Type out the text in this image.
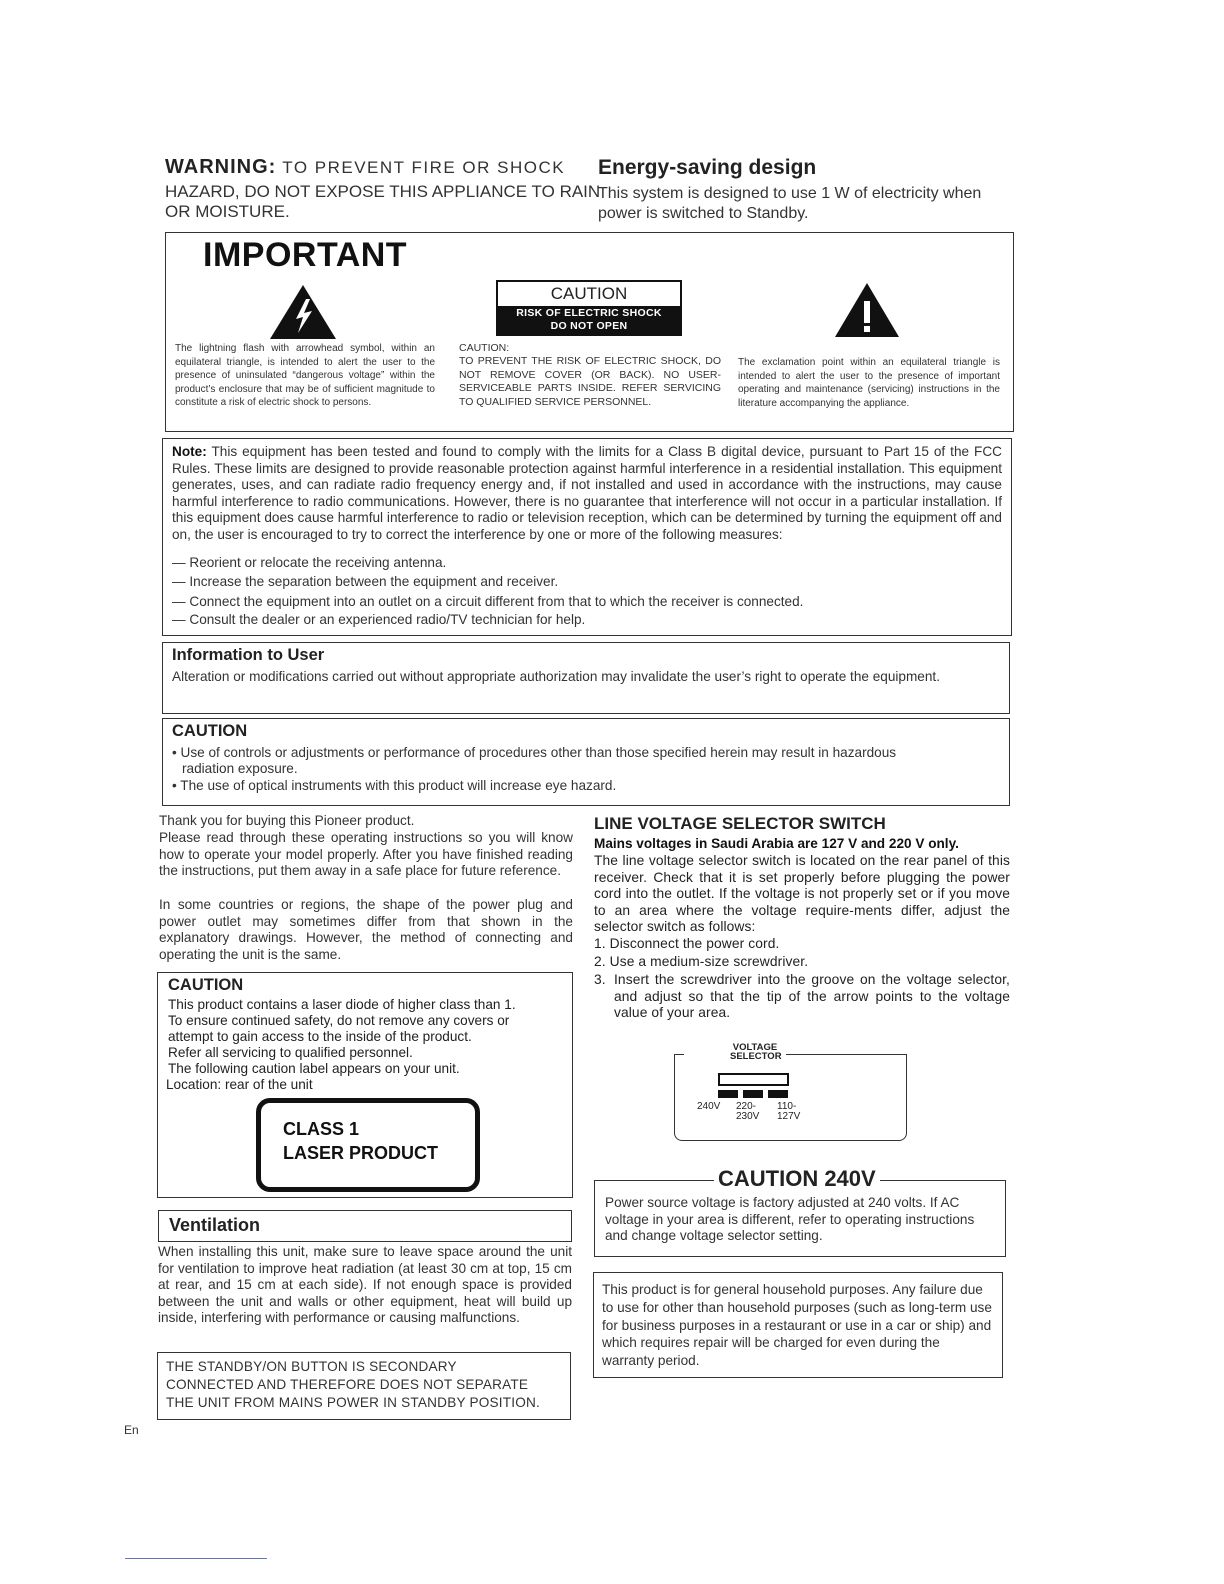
WARNING: TO PREVENT FIRE OR SHOCK
HAZARD, DO NOT EXPOSE THIS APPLIANCE TO RAIN
OR MOISTURE.
Energy-saving design
This system is designed to use 1 W of electricity when
power is switched to Standby.
IMPORTANT
The lightning flash with arrowhead symbol, within an equilateral triangle, is intended to alert the user to the presence of uninsulated “dangerous voltage” within the product’s enclosure that may be of sufficient magnitude to constitute a risk of electric shock to persons.
CAUTION
RISK OF ELECTRIC SHOCK
DO NOT OPEN
CAUTION:
TO PREVENT THE RISK OF ELECTRIC SHOCK, DO NOT REMOVE COVER (OR BACK). NO USER-SERVICEABLE PARTS INSIDE. REFER SERVICING TO QUALIFIED SERVICE PERSONNEL.
The exclamation point within an equilateral triangle is intended to alert the user to the presence of important operating and maintenance (servicing) instructions in the literature accompanying the appliance.
Note: This equipment has been tested and found to comply with the limits for a Class B digital device, pursuant to Part 15 of the FCC Rules. These limits are designed to provide reasonable protection against harmful interference in a residential installation. This equipment generates, uses, and can radiate radio frequency energy and, if not installed and used in accordance with the instructions, may cause harmful interference to radio communications. However, there is no guarantee that interference will not occur in a particular installation. If this equipment does cause harmful interference to radio or television reception, which can be determined by turning the equipment off and on, the user is encouraged to try to correct the interference by one or more of the following measures:
— Reorient or relocate the receiving antenna.
— Increase the separation between the equipment and receiver.
— Connect the equipment into an outlet on a circuit different from that to which the receiver is connected.
— Consult the dealer or an experienced radio/TV technician for help.
Information to User
Alteration or modifications carried out without appropriate authorization may invalidate the user’s right to operate the equipment.
CAUTION
• Use of controls or adjustments or performance of procedures other than those specified herein may result in hazardous
radiation exposure.
• The use of optical instruments with this product will increase eye hazard.
Thank you for buying this Pioneer product.
Please read through these operating instructions so you will know how to operate your model properly. After you have finished reading the instructions, put them away in a safe place for future reference.
In some countries or regions, the shape of the power plug and power outlet may sometimes differ from that shown in the explanatory drawings. However, the method of connecting and operating the unit is the same.
CAUTION
This product contains a laser diode of higher class than 1.
To ensure continued safety, do not remove any covers or
attempt to gain access to the inside of the product.
Refer all servicing to qualified personnel.
The following caution label appears on your unit.
Location: rear of the unit
CLASS 1
LASER PRODUCT
Ventilation
When installing this unit, make sure to leave space around the unit for ventilation to improve heat radiation (at least 30 cm at top, 15 cm at rear, and 15 cm at each side). If not enough space is provided between the unit and walls or other equipment, heat will build up inside, interfering with performance or causing malfunctions.
THE STANDBY/ON BUTTON IS SECONDARY
CONNECTED AND THEREFORE DOES NOT SEPARATE
THE UNIT FROM MAINS POWER IN STANDBY POSITION.
En
LINE VOLTAGE SELECTOR SWITCH
Mains voltages in Saudi Arabia are 127 V and 220 V only.
The line voltage selector switch is located on the rear panel of this receiver. Check that it is set properly before plugging the power cord into the outlet. If the voltage is not properly set or if you move to an area where the voltage require-ments differ, adjust the selector switch as follows:
1. Disconnect the power cord.
2. Use a medium-size screwdriver.
3. Insert the screwdriver into the groove on the voltage selector, and adjust so that the tip of the arrow points to the voltage value of your area.
VOLTAGE
SELECTOR
240V 220-
230V
110-
127V
CAUTION 240V
Power source voltage is factory adjusted at 240 volts. If AC voltage in your area is different, refer to operating instructions and change voltage selector setting.
This product is for general household purposes. Any failure due to use for other than household purposes (such as long-term use for business purposes in a restaurant or use in a car or ship) and which requires repair will be charged for even during the warranty period.
